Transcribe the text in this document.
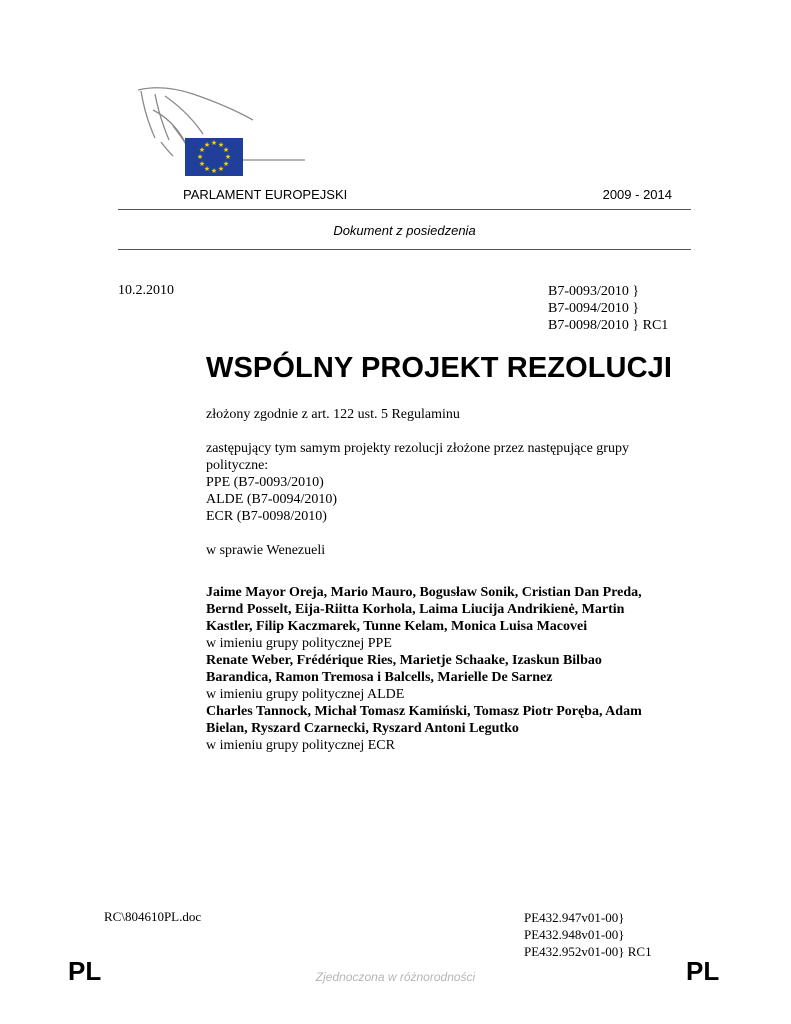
★ ★
★
★
★
★
★
★
★
★
★
★
PARLAMENT EUROPEJSKI	2009 - 2014
Dokument z posiedzenia
10.2.2010	B7-0093/2010 }
B7-0094/2010 }
B7-0098/2010 } RC1
WSPÓLNY PROJEKT REZOLUCJI

złożony zgodnie z art. 122 ust. 5 Regulaminu

zastępujący tym samym projekty rezolucji złożone przez następujące grupy polityczne:

PPE (B7-0093/2010)

ALDE (B7-0094/2010)

ECR (B7-0098/2010)

w sprawie Wenezueli

Jaime Mayor Oreja, Mario Mauro, Bogusław Sonik, Cristian Dan Preda,

Bernd Posselt, Eija-Riitta Korhola, Laima Liucija Andrikienė, Martin

Kastler, Filip Kaczmarek, Tunne Kelam, Monica Luisa Macovei

w imieniu grupy politycznej PPE

Renate Weber, Frédérique Ries, Marietje Schaake, Izaskun Bilbao

Barandica, Ramon Tremosa i Balcells, Marielle De Sarnez

w imieniu grupy politycznej ALDE

Charles Tannock, Michał Tomasz Kamiński, Tomasz Piotr Poręba, Adam

Bielan, Ryszard Czarnecki, Ryszard Antoni Legutko

w imieniu grupy politycznej ECR

RC\804610PL.doc	PE432.947v01-00}
PE432.948v01-00}
PE432.952v01-00} RC1
PL	Zjednoczona w różnorodności	PL
